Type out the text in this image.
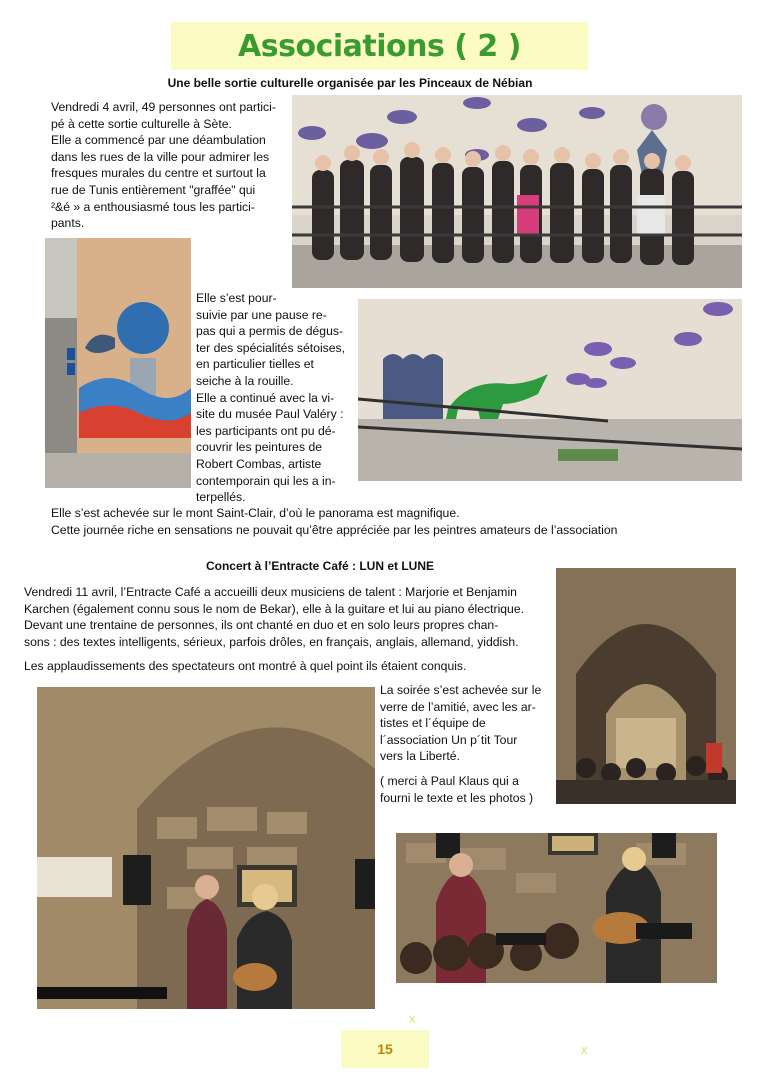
Associations ( 2 )
Une belle sortie culturelle organisée par les Pinceaux de Nébian

Vendredi 4 avril, 49 personnes ont partici-

pé à cette sortie culturelle à Sète.

Elle a commencé par une déambulation

dans les rues de la ville pour admirer les

fresques murales du centre et surtout la

rue de Tunis entièrement "graffée" qui

²&é » a enthousiasmé tous les partici-

pants.

Elle s’est pour-

suivie par une pause re-

pas qui a permis de dégus-

ter des spécialités sétoises,

en particulier tielles et

seiche à la rouille.

Elle a continué avec la vi-

site du musée Paul Valéry :

les participants ont pu dé-

couvrir les peintures de

Robert Combas, artiste

contemporain qui les a in-

terpellés.

Elle s’est achevée sur le mont Saint-Clair, d’où le panorama est magnifique.

Cette journée riche en sensations ne pouvait qu’être appréciée par les peintres amateurs de l’association

Concert à l’Entracte Café : LUN et LUNE

Vendredi 11 avril, l’Entracte Café a accueilli deux musiciens de talent : Marjorie et Benjamin

Karchen (également connu sous le nom de Bekar), elle à la guitare et lui au piano électrique.

Devant une trentaine de personnes, ils ont chanté en duo et en solo leurs propres chan-

sons : des textes intelligents, sérieux, parfois drôles, en français, anglais, allemand, yiddish.

Les applaudissements des spectateurs ont montré à quel point ils étaient conquis.

La soirée s’est achevée sur le

verre de l’amitié, avec les ar-

tistes et l´équipe de

l´association Un p´tit Tour

vers la Liberté.

( merci à Paul Klaus qui a

fourni le texte et les photos )

x
x
15
